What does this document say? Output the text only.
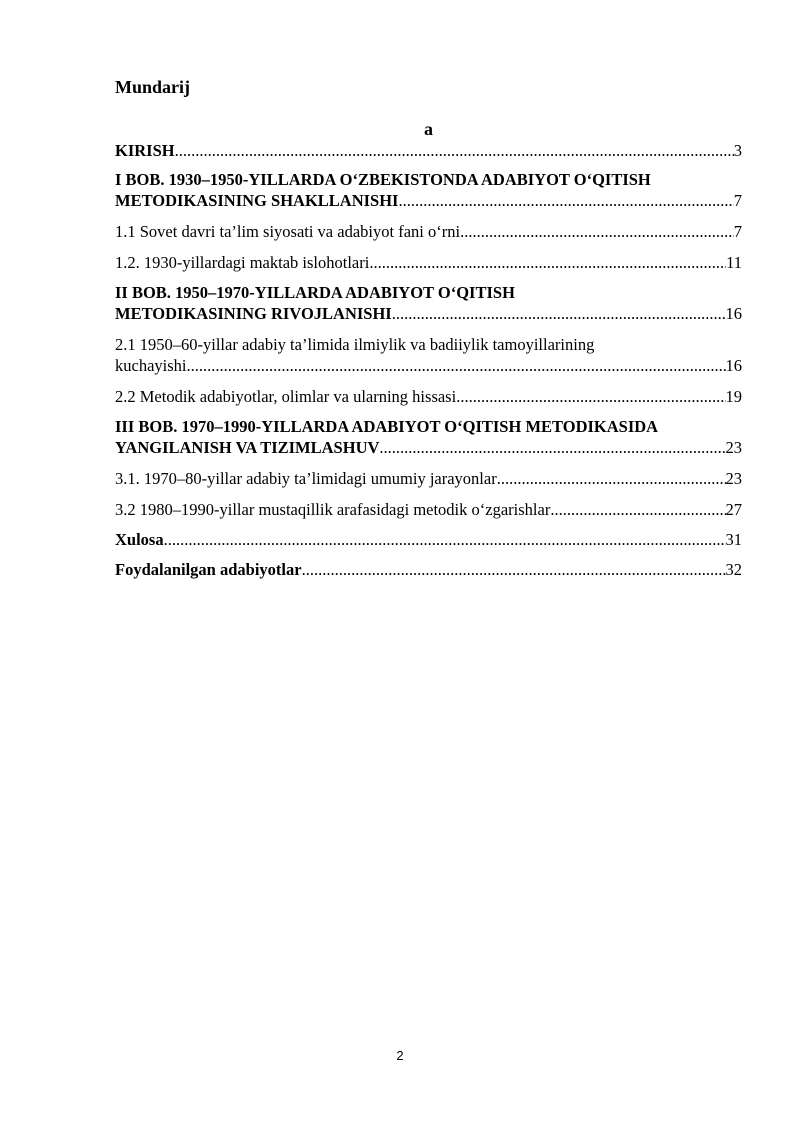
Mundarij
a
KIRISH .....	3
I BOB. 1930–1950-YILLARDA O‘ZBEKISTONDA ADABIYOT O‘QITISH
METODIKASINING SHAKLLANISHI .....	7
1.1 Sovet davri ta’lim siyosati va adabiyot fani o‘rni .....	7
1.2. 1930-yillardagi maktab islohotlari .....	11
II BOB. 1950–1970-YILLARDA ADABIYOT O‘QITISH
METODIKASINING RIVOJLANISHI .....	16
2.1 1950–60-yillar adabiy ta’limida ilmiylik va badiiylik tamoyillarining
kuchayishi .....	16
2.2 Metodik adabiyotlar, olimlar va ularning hissasi .....	19
III BOB. 1970–1990-YILLARDA ADABIYOT O‘QITISH METODIKASIDA
YANGILANISH VA TIZIMLASHUV .....	23
3.1. 1970–80-yillar adabiy ta’limidagi umumiy jarayonlar .....	23
3.2 1980–1990-yillar mustaqillik arafasidagi metodik o‘zgarishlar .....	27
Xulosa .....	31
Foydalanilgan adabiyotlar .....	32
2
